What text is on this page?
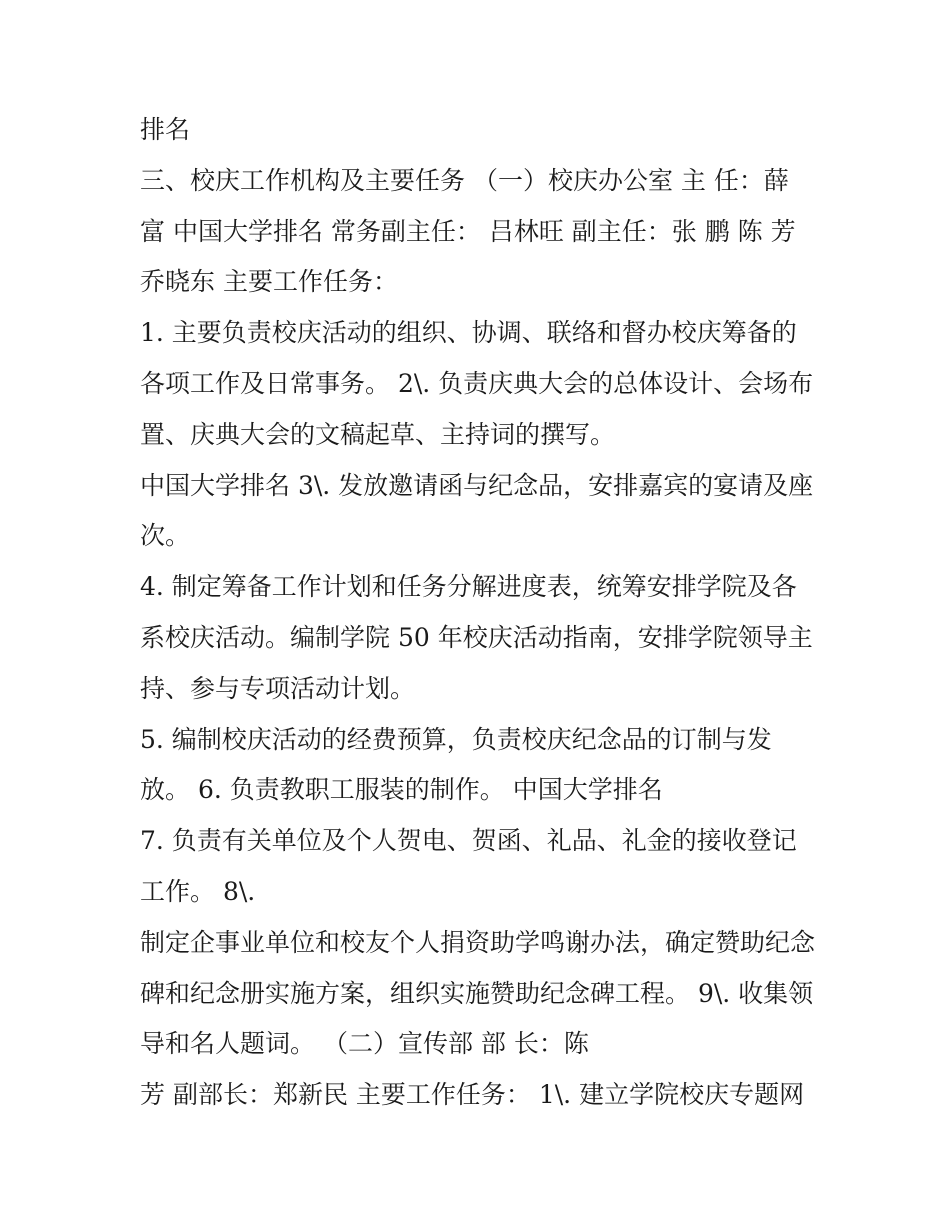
排名
三、校庆工作机构及主要任务 （一）校庆办公室 主 任：薛
富 中国大学排名 常务副主任： 吕林旺 副主任：张 鹏 陈 芳
乔晓东 主要工作任务：
1. 主要负责校庆活动的组织、协调、联络和督办校庆筹备的
各项工作及日常事务。 2\. 负责庆典大会的总体设计、会场布
置、庆典大会的文稿起草、主持词的撰写。
中国大学排名 3\. 发放邀请函与纪念品，安排嘉宾的宴请及座
次。
4. 制定筹备工作计划和任务分解进度表，统筹安排学院及各
系校庆活动。编制学院 50 年校庆活动指南，安排学院领导主
持、参与专项活动计划。
5. 编制校庆活动的经费预算，负责校庆纪念品的订制与发
放。 6. 负责教职工服装的制作。 中国大学排名
7. 负责有关单位及个人贺电、贺函、礼品、礼金的接收登记
工作。 8\.
制定企事业单位和校友个人捐资助学鸣谢办法，确定赞助纪念
碑和纪念册实施方案，组织实施赞助纪念碑工程。 9\. 收集领
导和名人题词。 （二）宣传部 部 长：陈
芳 副部长：郑新民 主要工作任务： 1\. 建立学院校庆专题网
